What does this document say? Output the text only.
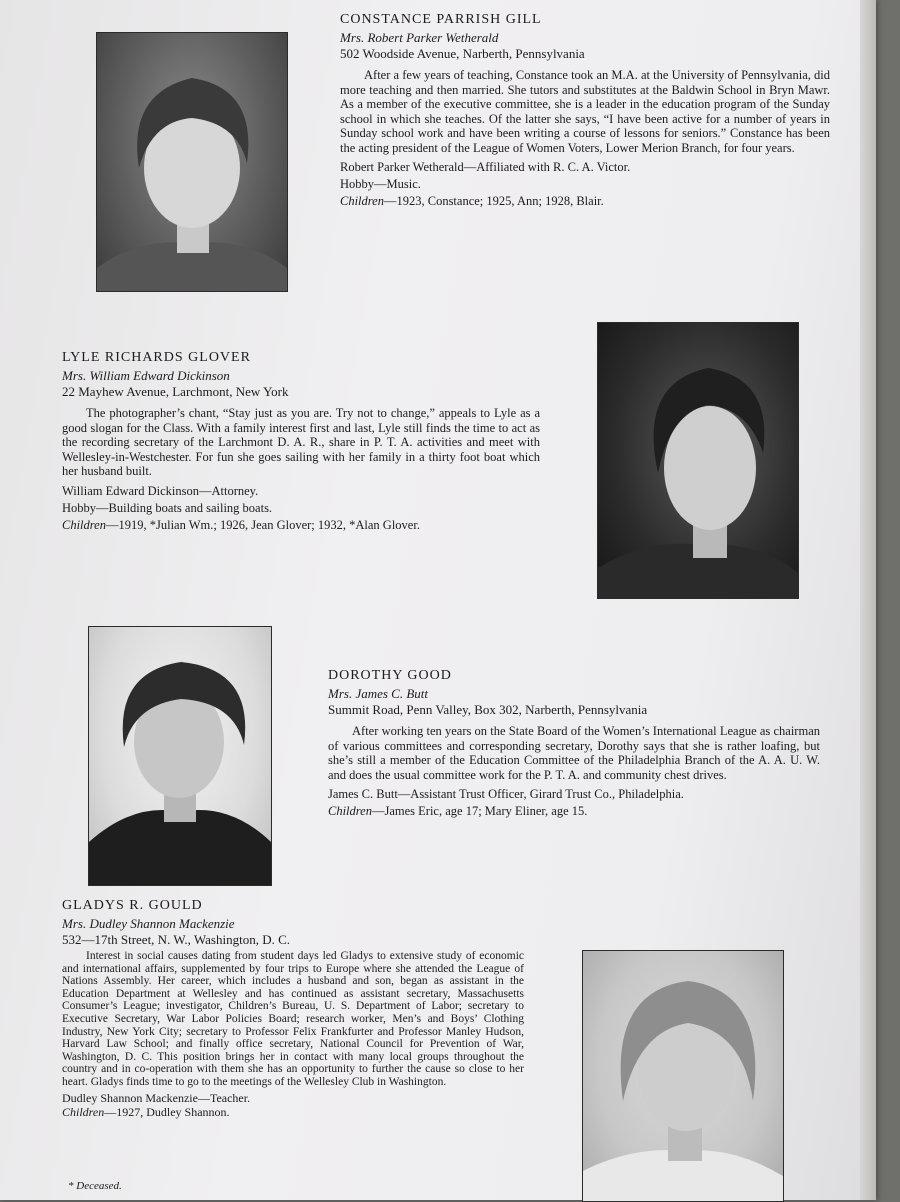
CONSTANCE PARRISH GILL

Mrs. Robert Parker Wetherald

502 Woodside Avenue, Narberth, Pennsylvania

After a few years of teaching, Constance took an M.A. at the University of Pennsylvania, did more teaching and then married. She tutors and substitutes at the Baldwin School in Bryn Mawr. As a member of the executive committee, she is a leader in the education program of the Sunday school in which she teaches. Of the latter she says, “I have been active for a number of years in Sunday school work and have been writing a course of lessons for seniors.” Constance has been the acting president of the League of Women Voters, Lower Merion Branch, for four years.

Robert Parker Wetherald—Affiliated with R. C. A. Victor.

Hobby—Music.

Children—1923, Constance; 1925, Ann; 1928, Blair.

LYLE RICHARDS GLOVER

Mrs. William Edward Dickinson

22 Mayhew Avenue, Larchmont, New York

The photographer’s chant, “Stay just as you are. Try not to change,” appeals to Lyle as a good slogan for the Class. With a family interest first and last, Lyle still finds the time to act as the recording secretary of the Larchmont D. A. R., share in P. T. A. activities and meet with Wellesley-in-Westchester. For fun she goes sailing with her family in a thirty foot boat which her husband built.

William Edward Dickinson—Attorney.

Hobby—Building boats and sailing boats.

Children—1919, *Julian Wm.; 1926, Jean Glover; 1932, *Alan Glover.

DOROTHY GOOD

Mrs. James C. Butt

Summit Road, Penn Valley, Box 302, Narberth, Pennsylvania

After working ten years on the State Board of the Women’s International League as chairman of various committees and corresponding secretary, Dorothy says that she is rather loafing, but she’s still a member of the Education Committee of the Philadelphia Branch of the A. A. U. W. and does the usual committee work for the P. T. A. and community chest drives.

James C. Butt—Assistant Trust Officer, Girard Trust Co., Philadelphia.

Children—James Eric, age 17; Mary Eliner, age 15.

GLADYS R. GOULD

Mrs. Dudley Shannon Mackenzie

532—17th Street, N. W., Washington, D. C.

Interest in social causes dating from student days led Gladys to extensive study of economic and international affairs, supplemented by four trips to Europe where she attended the League of Nations Assembly. Her career, which includes a husband and son, began as assistant in the Education Department at Wellesley and has continued as assistant secretary, Massachusetts Consumer’s League; investigator, Children’s Bureau, U. S. Department of Labor; secretary to Executive Secretary, War Labor Policies Board; research worker, Men’s and Boys’ Clothing Industry, New York City; secretary to Professor Felix Frankfurter and Professor Manley Hudson, Harvard Law School; and finally office secretary, National Council for Prevention of War, Washington, D. C. This position brings her in contact with many local groups throughout the country and in co-operation with them she has an opportunity to further the cause so close to her heart. Gladys finds time to go to the meetings of the Wellesley Club in Washington.

Dudley Shannon Mackenzie—Teacher.

Children—1927, Dudley Shannon.

* Deceased.
